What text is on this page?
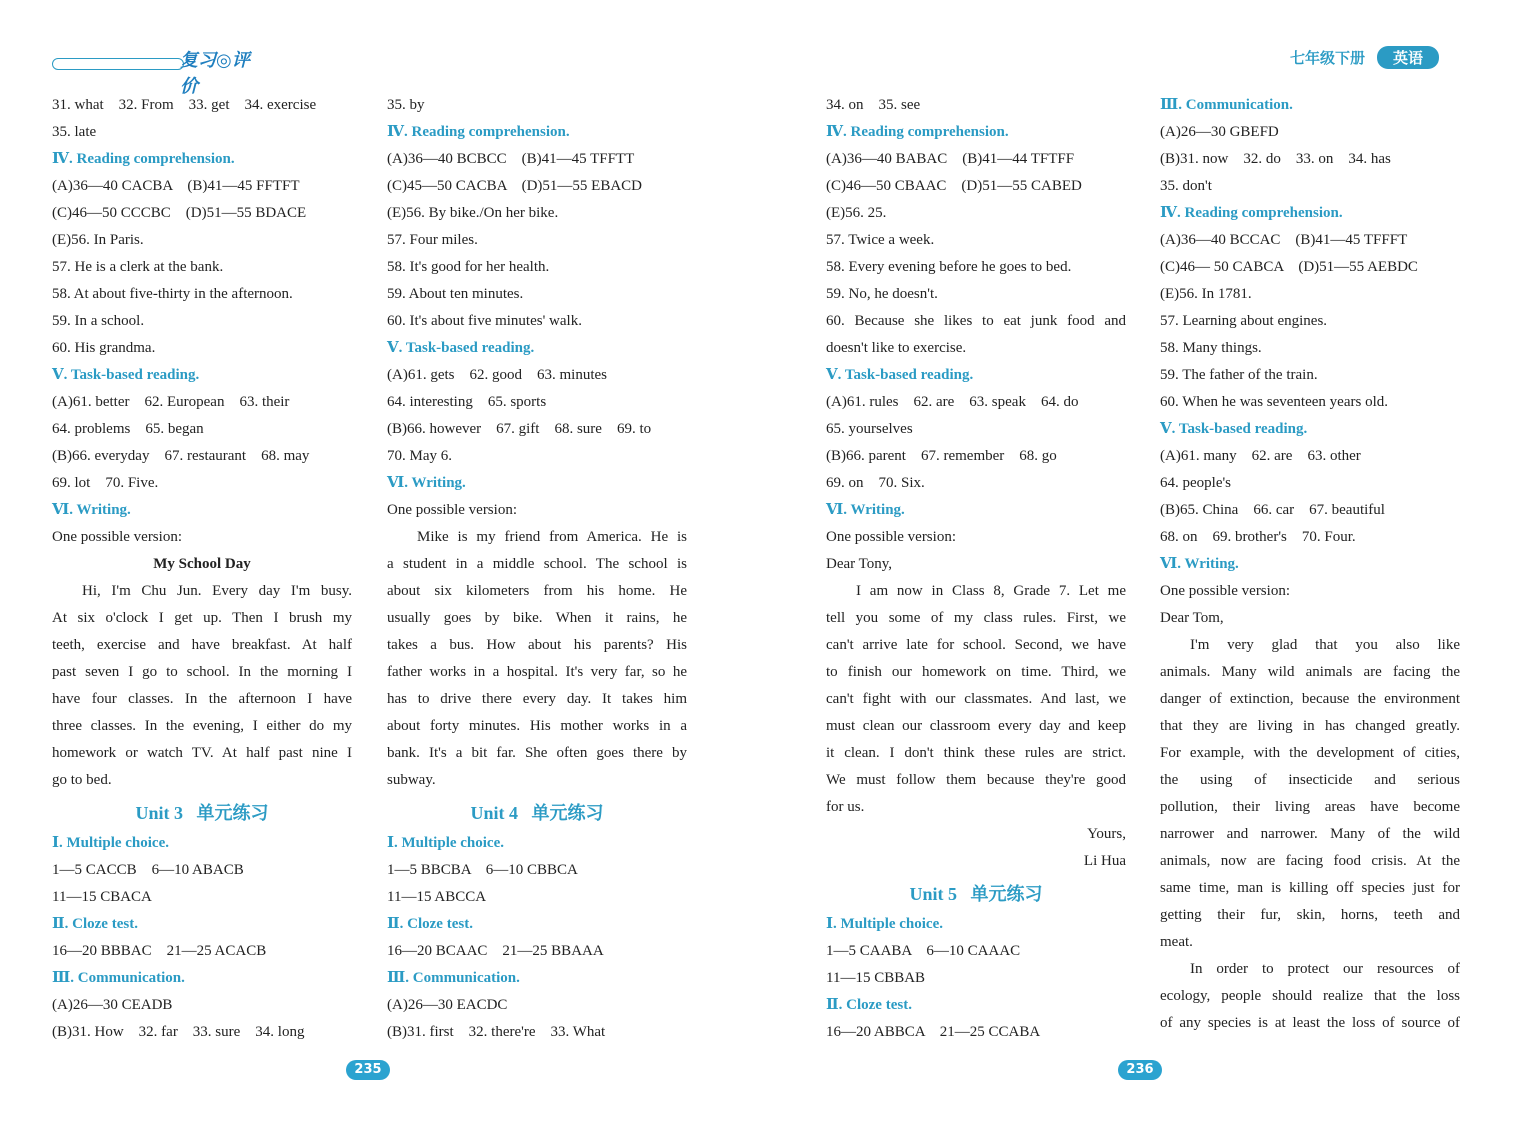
复习◎评价
31. what　32. From　33. get　34. exercise
35. late
Ⅳ. Reading comprehension.
(A)36—40 CACBA　(B)41—45 FFTFT
(C)46—50 CCCBC　(D)51—55 BDACE
(E)56. In Paris.
57. He is a clerk at the bank.
58. At about five-thirty in the afternoon.
59. In a school.
60. His grandma.
Ⅴ. Task-based reading.
(A)61. better　62. European　63. their
64. problems　65. began
(B)66. everyday　67. restaurant　68. may
69. lot　70. Five.
Ⅵ. Writing.
One possible version:
My School Day
Hi, I'm Chu Jun. Every day I'm busy.
At six o'clock I get up. Then I brush my
teeth, exercise and have breakfast. At half
past seven I go to school. In the morning I
have four classes. In the afternoon I have
three classes. In the evening, I either do my
homework or watch TV. At half past nine I
go to bed.
Unit 3 单元练习
Ⅰ. Multiple choice.
1—5 CACCB　6—10 ABACB
11—15 CBACA
Ⅱ. Cloze test.
16—20 BBBAC　21—25 ACACB
Ⅲ. Communication.
(A)26—30 CEADB
(B)31. How　32. far　33. sure　34. long
35. by
Ⅳ. Reading comprehension.
(A)36—40 BCBCC　(B)41—45 TFFTT
(C)45—50 CACBA　(D)51—55 EBACD
(E)56. By bike./On her bike.
57. Four miles.
58. It's good for her health.
59. About ten minutes.
60. It's about five minutes' walk.
Ⅴ. Task-based reading.
(A)61. gets　62. good　63. minutes
64. interesting　65. sports
(B)66. however　67. gift　68. sure　69. to
70. May 6.
Ⅵ. Writing.
One possible version:
Mike is my friend from America. He is
a student in a middle school. The school is
about six kilometers from his home. He
usually goes by bike. When it rains, he
takes a bus. How about his parents? His
father works in a hospital. It's very far, so he
has to drive there every day. It takes him
about forty minutes. His mother works in a
bank. It's a bit far. She often goes there by
subway.
Unit 4 单元练习
Ⅰ. Multiple choice.
1—5 BBCBA　6—10 CBBCA
11—15 ABCCA
Ⅱ. Cloze test.
16—20 BCAAC　21—25 BBAAA
Ⅲ. Communication.
(A)26—30 EACDC
(B)31. first　32. there're　33. What
235
34. on　35. see
Ⅳ. Reading comprehension.
(A)36—40 BABAC　(B)41—44 TFTFF
(C)46—50 CBAAC　(D)51—55 CABED
(E)56. 25.
57. Twice a week.
58. Every evening before he goes to bed.
59. No, he doesn't.
60. Because she likes to eat junk food and
doesn't like to exercise.
Ⅴ. Task-based reading.
(A)61. rules　62. are　63. speak　64. do
65. yourselves
(B)66. parent　67. remember　68. go
69. on　70. Six.
Ⅵ. Writing.
One possible version:
Dear Tony,
I am now in Class 8, Grade 7. Let me
tell you some of my class rules. First, we
can't arrive late for school. Second, we have
to finish our homework on time. Third, we
can't fight with our classmates. And last, we
must clean our classroom every day and keep
it clean. I don't think these rules are strict.
We must follow them because they're good
for us.
Yours,
Li Hua
Unit 5 单元练习
Ⅰ. Multiple choice.
1—5 CAABA　6—10 CAAAC
11—15 CBBAB
Ⅱ. Cloze test.
16—20 ABBCA　21—25 CCABA
Ⅲ. Communication.
(A)26—30 GBEFD
(B)31. now　32. do　33. on　34. has
35. don't
Ⅳ. Reading comprehension.
(A)36—40 BCCAC　(B)41—45 TFFFT
(C)46— 50 CABCA　(D)51—55 AEBDC
(E)56. In 1781.
57. Learning about engines.
58. Many things.
59. The father of the train.
60. When he was seventeen years old.
Ⅴ. Task-based reading.
(A)61. many　62. are　63. other
64. people's
(B)65. China　66. car　67. beautiful
68. on　69. brother's　70. Four.
Ⅵ. Writing.
One possible version:
Dear Tom,
I'm very glad that you also like
animals. Many wild animals are facing the
danger of extinction, because the environment
that they are living in has changed greatly.
For example, with the development of cities,
the using of insecticide and serious
pollution, their living areas have become
narrower and narrower. Many of the wild
animals, now are facing food crisis. At the
same time, man is killing off species just for
getting their fur, skin, horns, teeth and
meat.
In order to protect our resources of
ecology, people should realize that the loss
of any species is at least the loss of source of
236
七年级下册 英语
